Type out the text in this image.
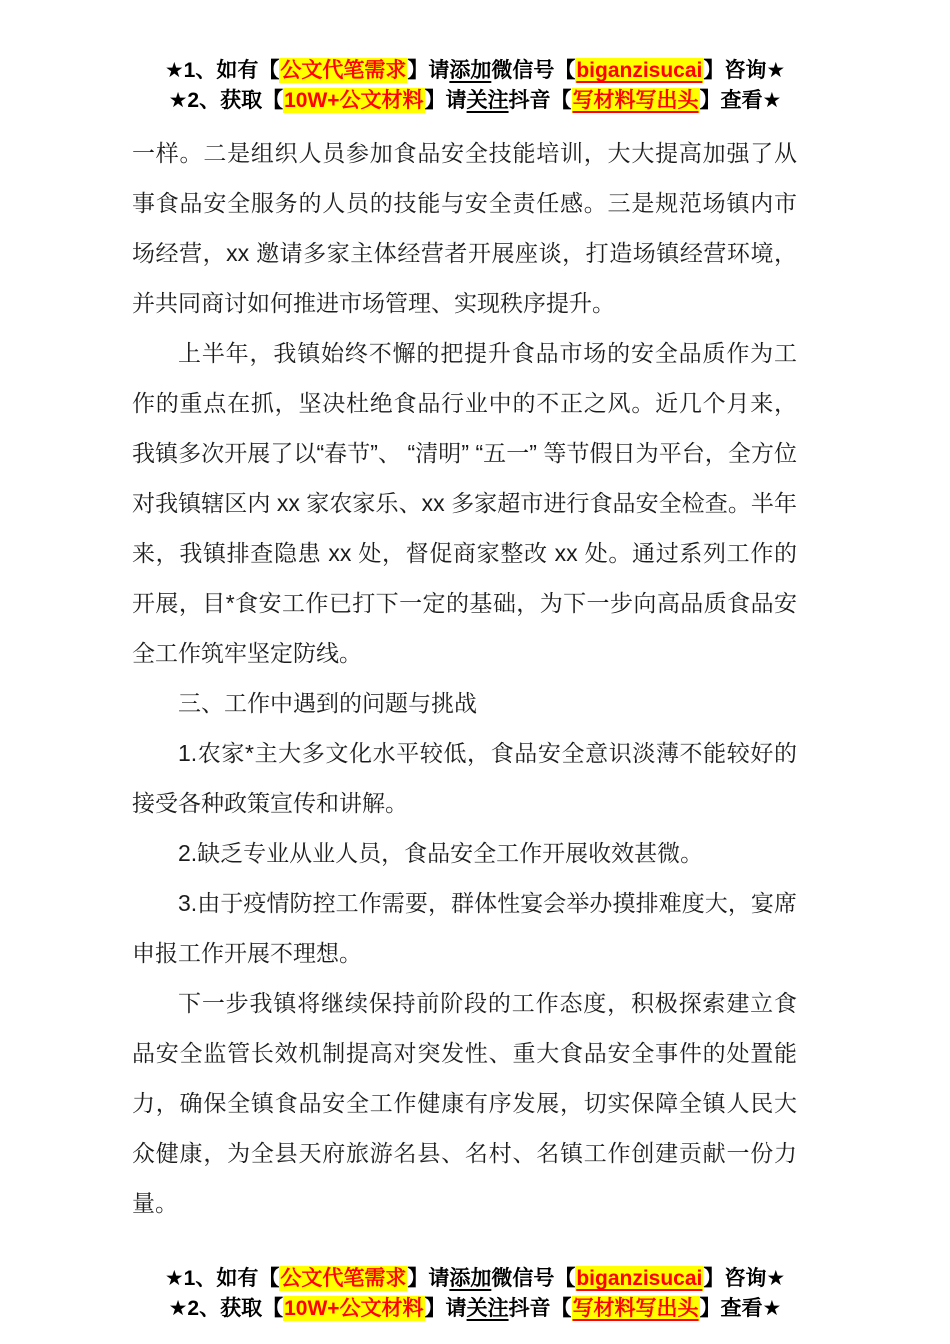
★1、如有【公文代笔需求】请添加微信号【biganzisucai】咨询★
★2、获取【10W+公文材料】请关注抖音【写材料写出头】查看★

一样。二是组织人员参加食品安全技能培训，大大提高加强了从事食品安全服务的人员的技能与安全责任感。三是规范场镇内市场经营，xx 邀请多家主体经营者开展座谈，打造场镇经营环境，并共同商讨如何推进市场管理、实现秩序提升。

上半年，我镇始终不懈的把提升食品市场的安全品质作为工作的重点在抓，坚决杜绝食品行业中的不正之风。近几个月来，我镇多次开展了以“春节”、 “清明” “五一” 等节假日为平台，全方位对我镇辖区内 xx 家农家乐、xx 多家超市进行食品安全检查。半年来，我镇排查隐患 xx 处，督促商家整改 xx 处。通过系列工作的开展，目*食安工作已打下一定的基础，为下一步向高品质食品安全工作筑牢坚定防线。

三、工作中遇到的问题与挑战

1.农家*主大多文化水平较低，食品安全意识淡薄不能较好的接受各种政策宣传和讲解。

2.缺乏专业从业人员，食品安全工作开展收效甚微。

3.由于疫情防控工作需要，群体性宴会举办摸排难度大，宴席申报工作开展不理想。

下一步我镇将继续保持前阶段的工作态度，积极探索建立食品安全监管长效机制提高对突发性、重大食品安全事件的处置能力，确保全镇食品安全工作健康有序发展，切实保障全镇人民大众健康，为全县天府旅游名县、名村、名镇工作创建贡献一份力量。

★1、如有【公文代笔需求】请添加微信号【biganzisucai】咨询★
★2、获取【10W+公文材料】请关注抖音【写材料写出头】查看★
